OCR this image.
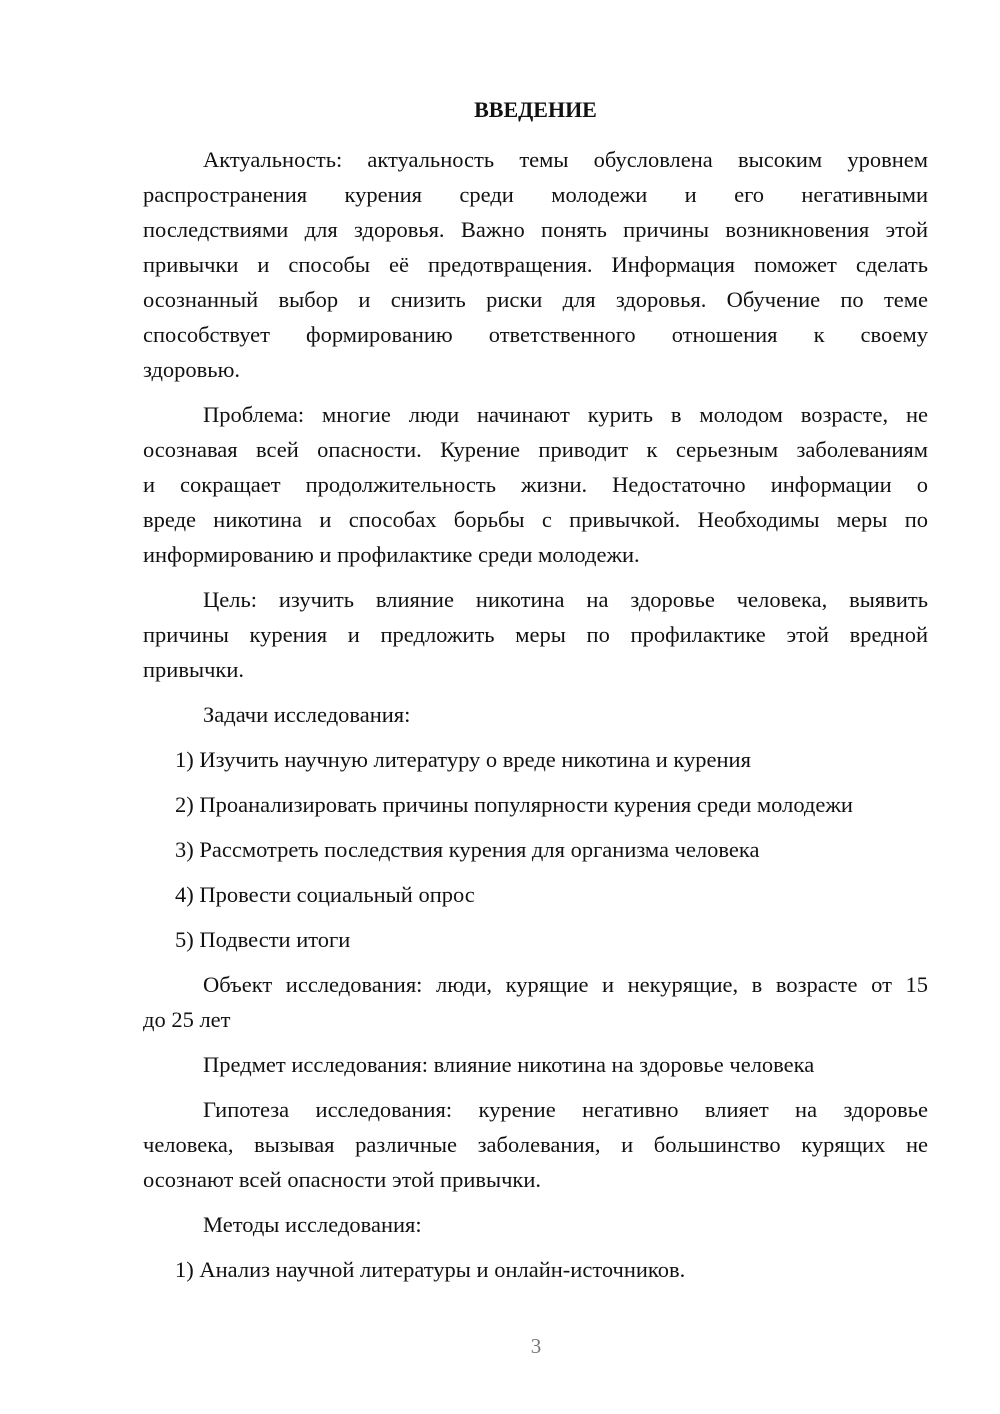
ВВЕДЕНИЕ
Актуальность: актуальность темы обусловлена высоким уровнем
распространения курения среди молодежи и его негативными
последствиями для здоровья. Важно понять причины возникновения этой
привычки и способы её предотвращения. Информация поможет сделать
осознанный выбор и снизить риски для здоровья. Обучение по теме
способствует формированию ответственного отношения к своему
здоровью.
Проблема: многие люди начинают курить в молодом возрасте, не
осознавая всей опасности. Курение приводит к серьезным заболеваниям
и сокращает продолжительность жизни. Недостаточно информации о
вреде никотина и способах борьбы с привычкой. Необходимы меры по
информированию и профилактике среди молодежи.
Цель: изучить влияние никотина на здоровье человека, выявить
причины курения и предложить меры по профилактике этой вредной
привычки.
Задачи исследования:
1) Изучить научную литературу о вреде никотина и курения
2) Проанализировать причины популярности курения среди молодежи
3) Рассмотреть последствия курения для организма человека
4) Провести социальный опрос
5) Подвести итоги
Объект исследования: люди, курящие и некурящие, в возрасте от 15
до 25 лет
Предмет исследования: влияние никотина на здоровье человека
Гипотеза исследования: курение негативно влияет на здоровье
человека, вызывая различные заболевания, и большинство курящих не
осознают всей опасности этой привычки.
Методы исследования:
1) Анализ научной литературы и онлайн-источников.
3
